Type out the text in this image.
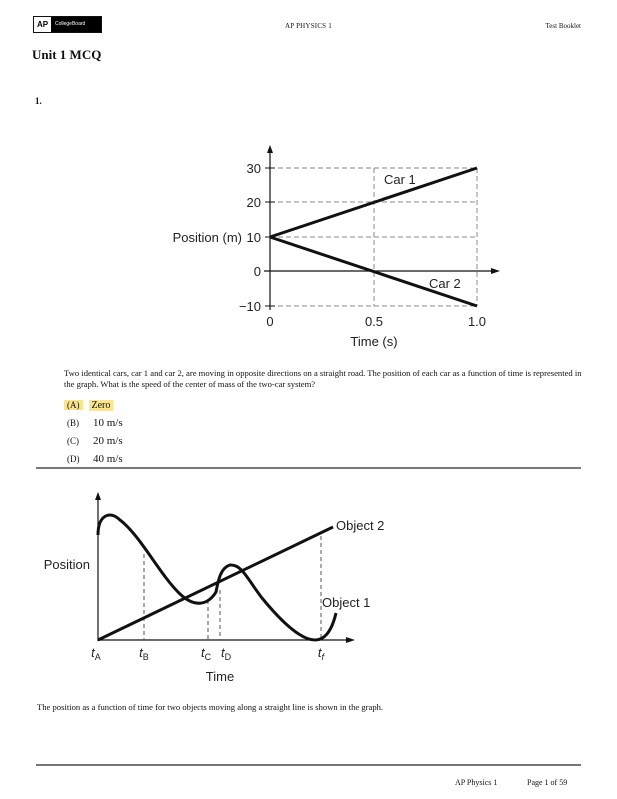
AP	CollegeBoard	AP PHYSICS 1	Test Booklet
Unit 1 MCQ
1.
30
20
10
0
−10
0	0.5	1.0
Time (s)
Position (m)
Car 1
Car 2
Two identical cars, car 1 and car 2, are moving in opposite directions on a straight road. The position of each car as a function of time is represented in the graph. What is the speed of the center of mass of the two-car system?
(A)	Zero
(B)	10 m/s
(C)	20 m/s
(D)	40 m/s
Position
Time
Object 2
Object 1
$t_A$	$t_B$	$t_C$ $t_D$	$t_f$
The position as a function of time for two objects moving along a straight line is shown in the graph.
AP Physics 1	Page 1 of 59
